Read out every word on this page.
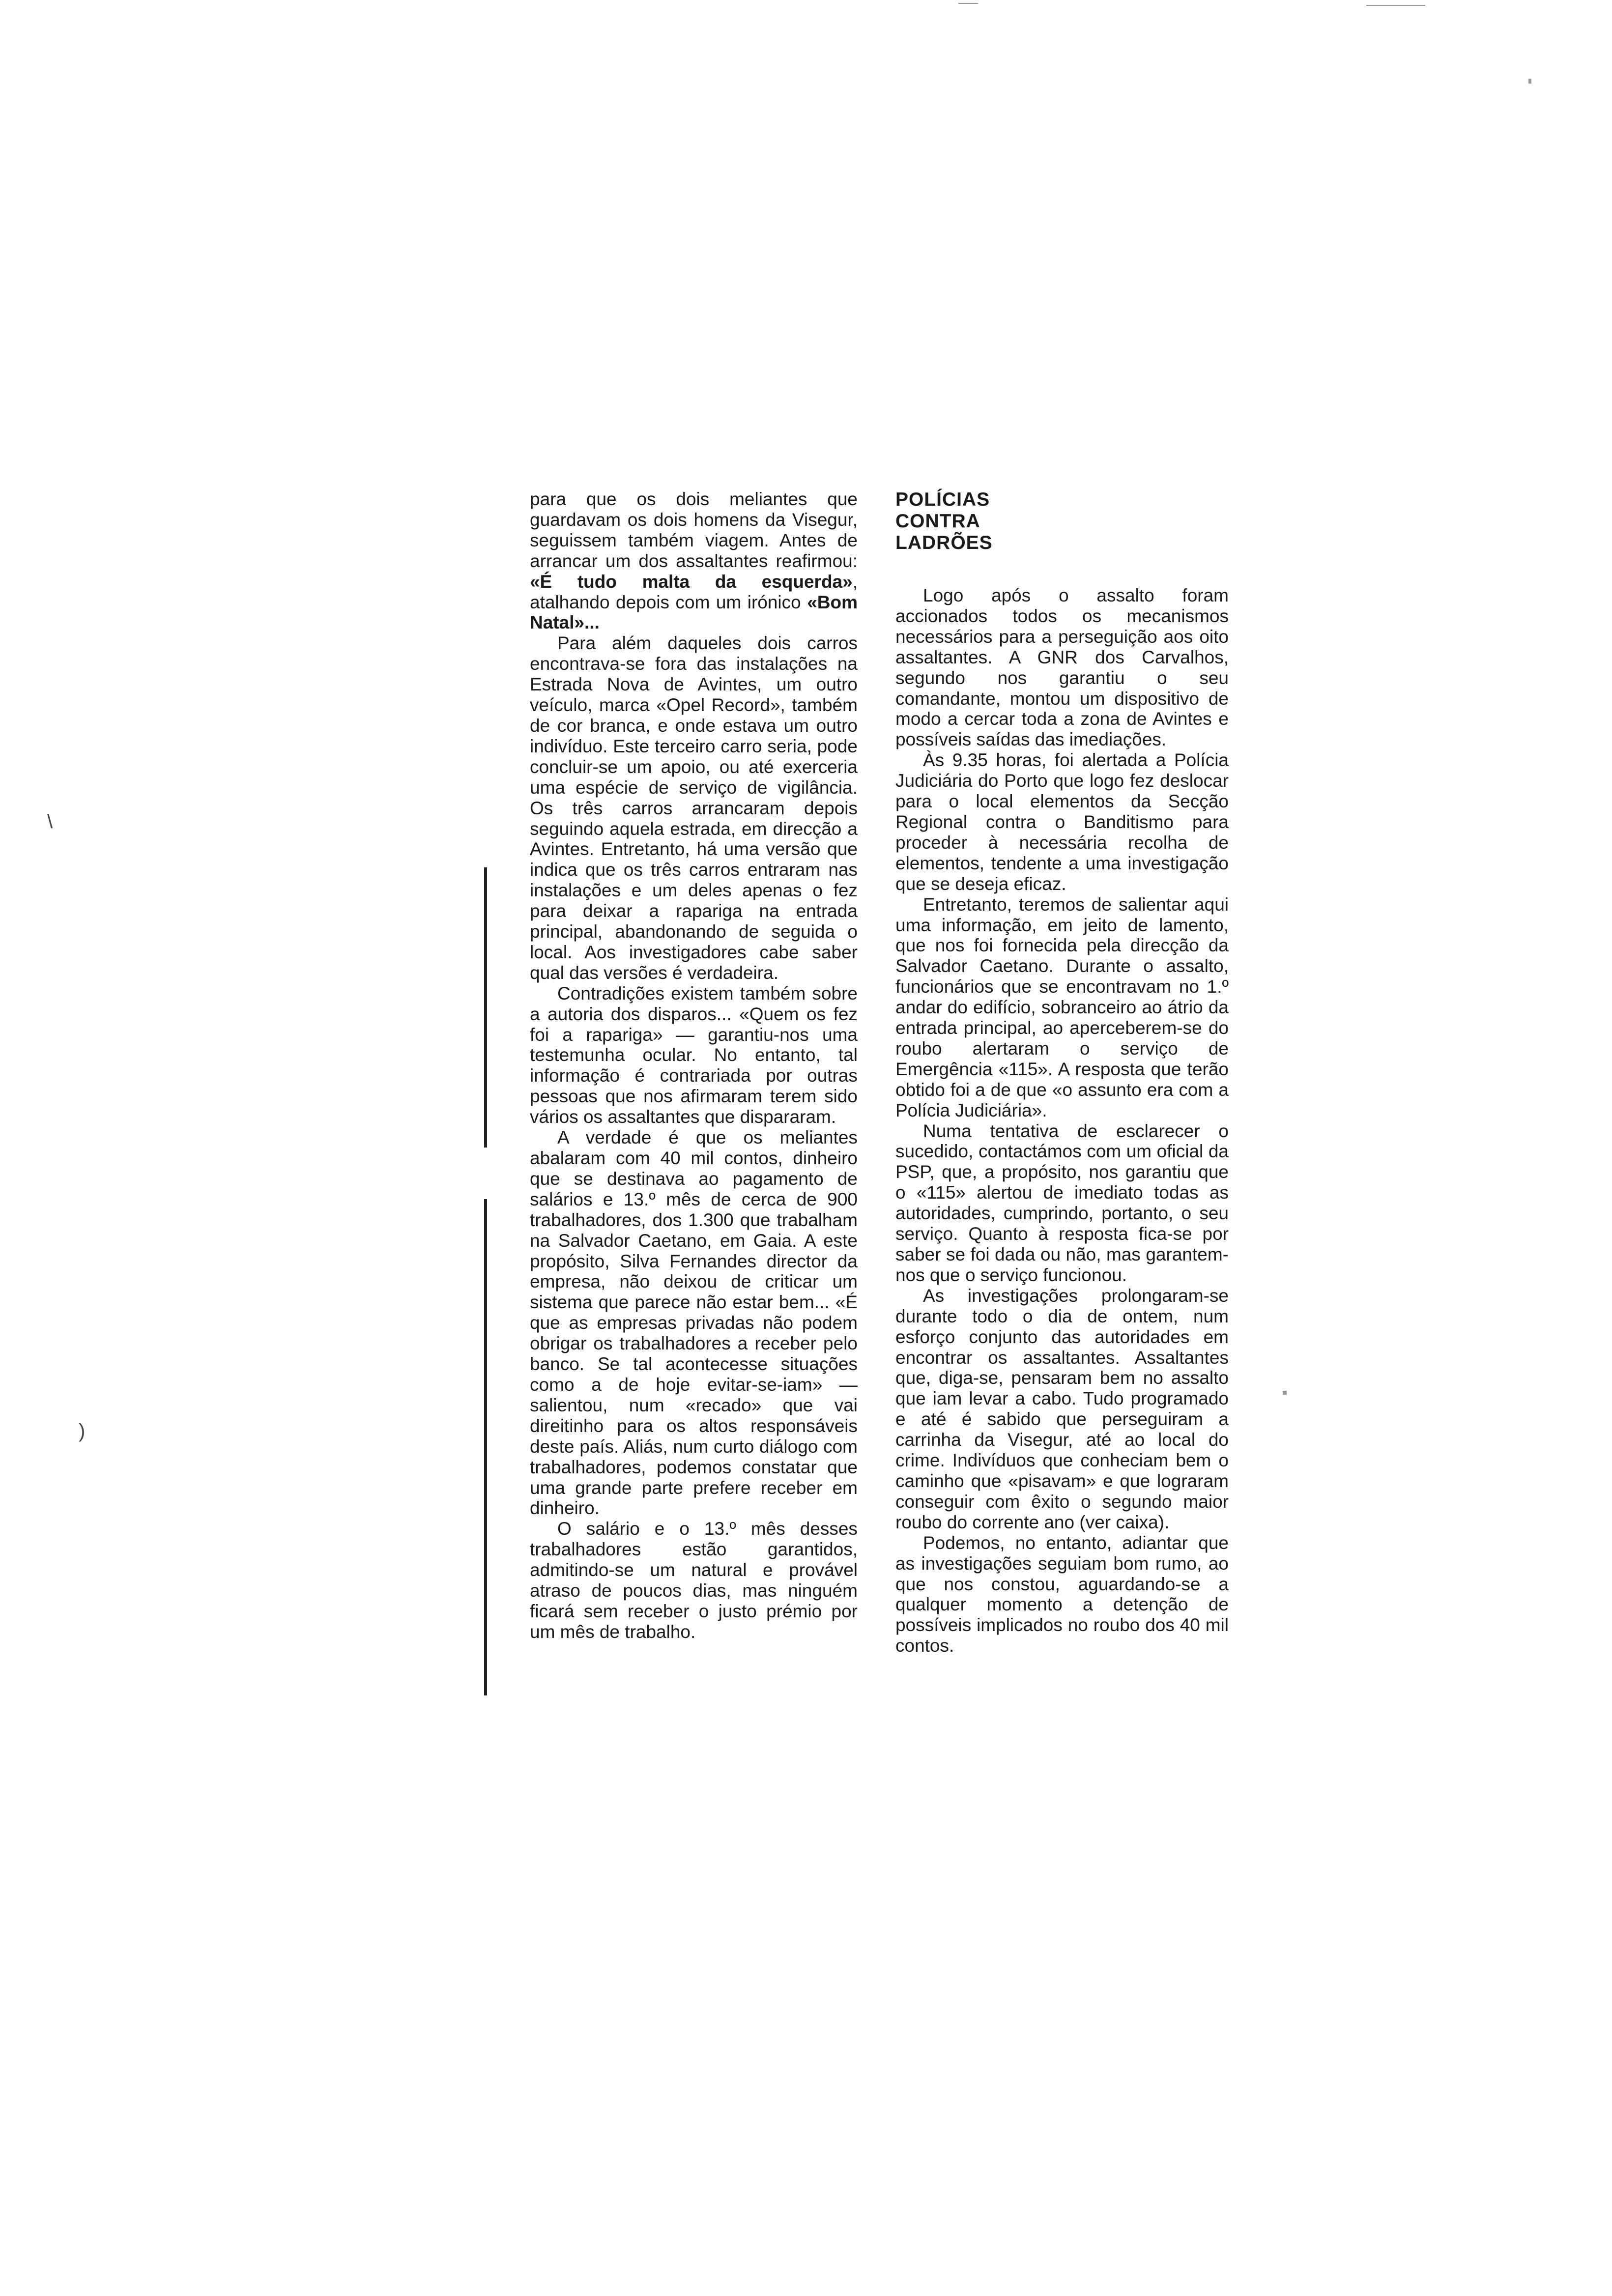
para que os dois meliantes que guardavam os dois homens da Visegur, seguissem também viagem. Antes de arrancar um dos assaltantes reafirmou: «É tudo malta da esquerda», atalhando depois com um irónico «Bom Natal»...

Para além daqueles dois carros encontrava-se fora das instalações na Estrada Nova de Avintes, um outro veículo, marca «Opel Record», também de cor branca, e onde estava um outro indivíduo. Este terceiro carro seria, pode concluir-se um apoio, ou até exerceria uma espécie de serviço de vigilância. Os três carros arrancaram depois seguindo aquela estrada, em direcção a Avintes. Entretanto, há uma versão que indica que os três carros entraram nas instalações e um deles apenas o fez para deixar a rapariga na entrada principal, abandonando de seguida o local. Aos investigadores cabe saber qual das versões é verdadeira.

Contradições existem também sobre a autoria dos disparos... «Quem os fez foi a rapariga» — garantiu-nos uma testemunha ocular. No entanto, tal informação é contrariada por outras pessoas que nos afirmaram terem sido vários os assaltantes que dispararam.

A verdade é que os meliantes abalaram com 40 mil contos, dinheiro que se destinava ao pagamento de salários e 13.º mês de cerca de 900 trabalhadores, dos 1.300 que trabalham na Salvador Caetano, em Gaia. A este propósito, Silva Fernandes director da empresa, não deixou de criticar um sistema que parece não estar bem... «É que as empresas privadas não podem obrigar os trabalhadores a receber pelo banco. Se tal acontecesse situações como a de hoje evitar-se-iam» — salientou, num «recado» que vai direitinho para os altos responsáveis deste país. Aliás, num curto diálogo com trabalhadores, podemos constatar que uma grande parte prefere receber em dinheiro.

O salário e o 13.º mês desses trabalhadores estão garantidos, admitindo-se um natural e provável atraso de poucos dias, mas ninguém ficará sem receber o justo prémio por um mês de trabalho.

POLÍCIAS
CONTRA
LADRÕES

Logo após o assalto foram accionados todos os mecanismos necessários para a perseguição aos oito assaltantes. A GNR dos Carvalhos, segundo nos garantiu o seu comandante, montou um dispositivo de modo a cercar toda a zona de Avintes e possíveis saídas das imediações.

Às 9.35 horas, foi alertada a Polícia Judiciária do Porto que logo fez deslocar para o local elementos da Secção Regional contra o Banditismo para proceder à necessária recolha de elementos, tendente a uma investigação que se deseja eficaz.

Entretanto, teremos de salientar aqui uma informação, em jeito de lamento, que nos foi fornecida pela direcção da Salvador Caetano. Durante o assalto, funcionários que se encontravam no 1.º andar do edifício, sobranceiro ao átrio da entrada principal, ao aperceberem-se do roubo alertaram o serviço de Emergência «115». A resposta que terão obtido foi a de que «o assunto era com a Polícia Judiciária».

Numa tentativa de esclarecer o sucedido, contactámos com um oficial da PSP, que, a propósito, nos garantiu que o «115» alertou de imediato todas as autoridades, cumprindo, portanto, o seu serviço. Quanto à resposta fica-se por saber se foi dada ou não, mas garantem-nos que o serviço funcionou.

As investigações prolongaram-se durante todo o dia de ontem, num esforço conjunto das autoridades em encontrar os assaltantes. Assaltantes que, diga-se, pensaram bem no assalto que iam levar a cabo. Tudo programado e até é sabido que perseguiram a carrinha da Visegur, até ao local do crime. Indivíduos que conheciam bem o caminho que «pisavam» e que lograram conseguir com êxito o segundo maior roubo do corrente ano (ver caixa).

Podemos, no entanto, adiantar que as investigações seguiam bom rumo, ao que nos constou, aguardando-se a qualquer momento a detenção de possíveis implicados no roubo dos 40 mil contos.

\
)
